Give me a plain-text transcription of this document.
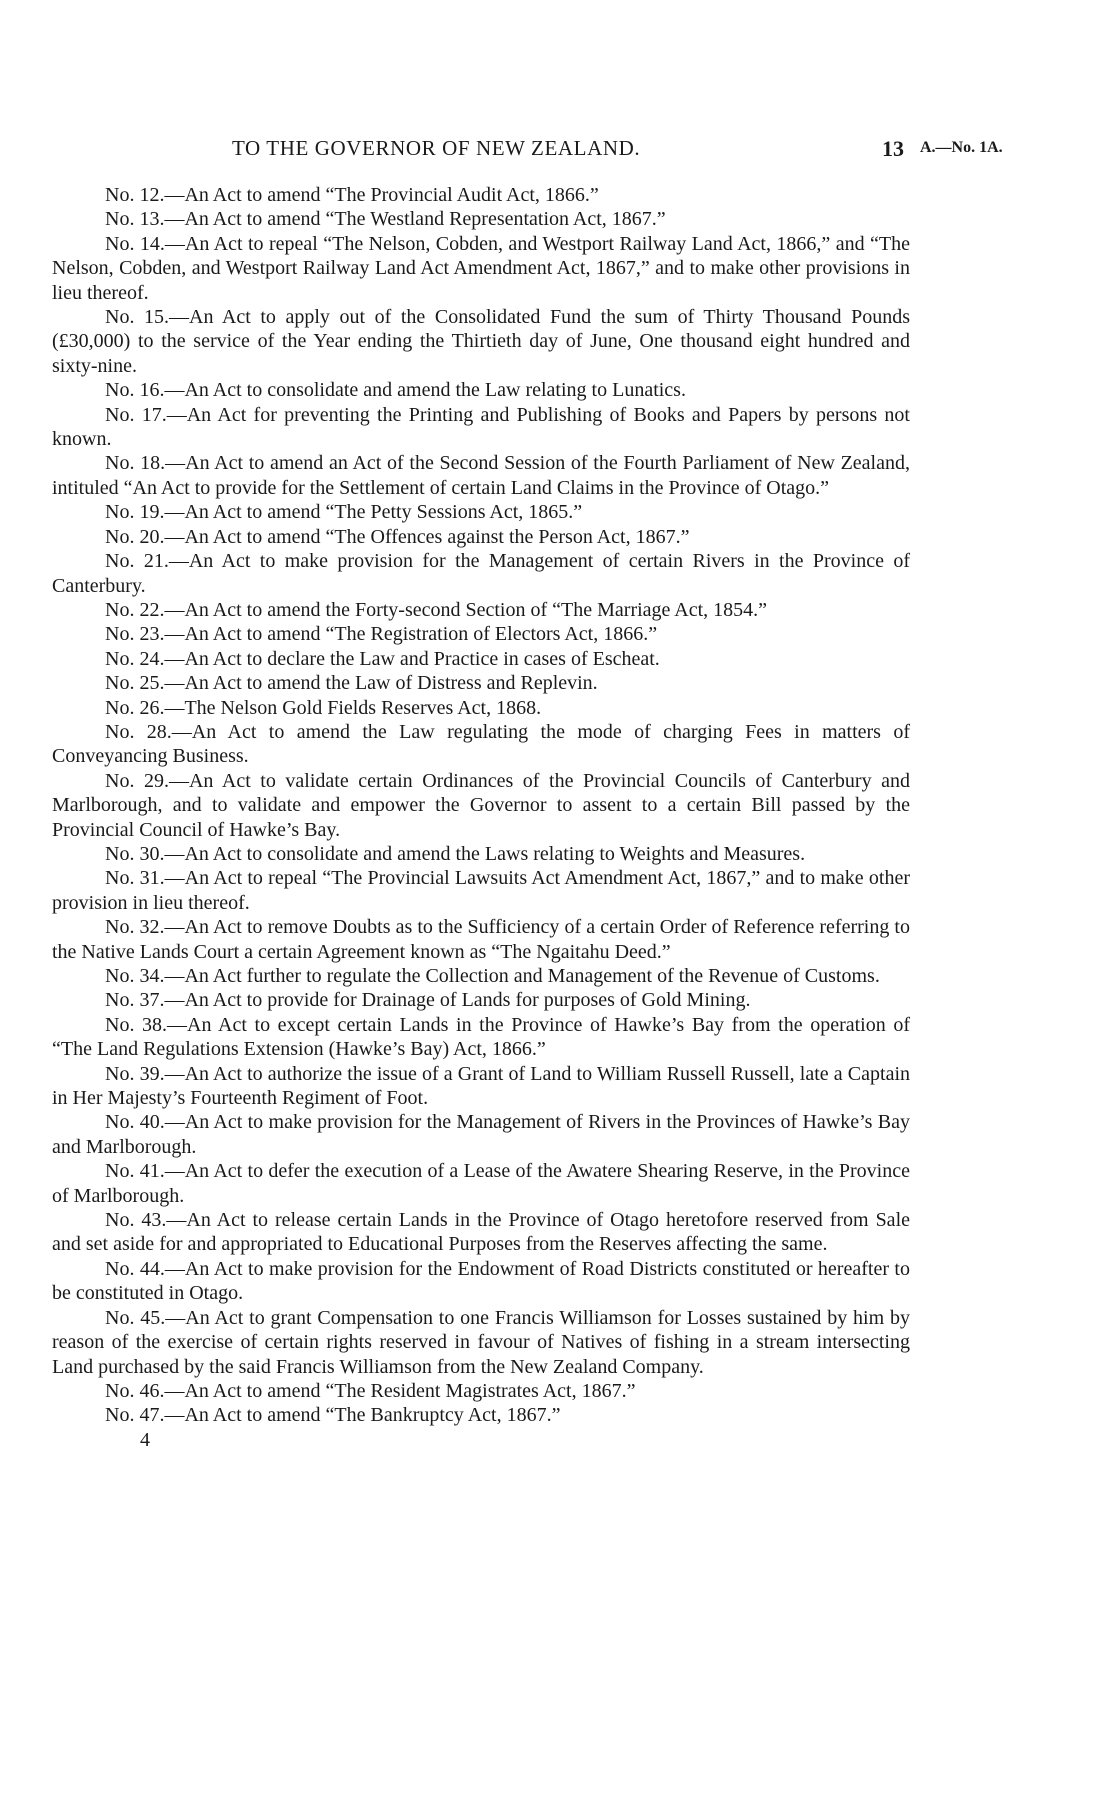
TO THE GOVERNOR OF NEW ZEALAND.	13 A.—No. 1A.

No. 12.—An Act to amend “The Provincial Audit Act, 1866.”

No. 13.—An Act to amend “The Westland Representation Act, 1867.”

No. 14.—An Act to repeal “The Nelson, Cobden, and Westport Railway Land Act, 1866,” and “The Nelson, Cobden, and Westport Railway Land Act Amendment Act, 1867,” and to make other provisions in lieu thereof.

No. 15.—An Act to apply out of the Consolidated Fund the sum of Thirty Thousand Pounds (£30,000) to the service of the Year ending the Thirtieth day of June, One thousand eight hundred and sixty-nine.

No. 16.—An Act to consolidate and amend the Law relating to Lunatics.

No. 17.—An Act for preventing the Printing and Publishing of Books and Papers by persons not known.

No. 18.—An Act to amend an Act of the Second Session of the Fourth Parliament of New Zealand, intituled “An Act to provide for the Settlement of certain Land Claims in the Province of Otago.”

No. 19.—An Act to amend “The Petty Sessions Act, 1865.”

No. 20.—An Act to amend “The Offences against the Person Act, 1867.”

No. 21.—An Act to make provision for the Management of certain Rivers in the Province of Canterbury.

No. 22.—An Act to amend the Forty-second Section of “The Marriage Act, 1854.”

No. 23.—An Act to amend “The Registration of Electors Act, 1866.”

No. 24.—An Act to declare the Law and Practice in cases of Escheat.

No. 25.—An Act to amend the Law of Distress and Replevin.

No. 26.—The Nelson Gold Fields Reserves Act, 1868.

No. 28.—An Act to amend the Law regulating the mode of charging Fees in matters of Conveyancing Business.

No. 29.—An Act to validate certain Ordinances of the Provincial Councils of Canterbury and Marlborough, and to validate and empower the Governor to assent to a certain Bill passed by the Provincial Council of Hawke’s Bay.

No. 30.—An Act to consolidate and amend the Laws relating to Weights and Measures.

No. 31.—An Act to repeal “The Provincial Lawsuits Act Amendment Act, 1867,” and to make other provision in lieu thereof.

No. 32.—An Act to remove Doubts as to the Sufficiency of a certain Order of Reference referring to the Native Lands Court a certain Agreement known as “The Ngaitahu Deed.”

No. 34.—An Act further to regulate the Collection and Management of the Revenue of Customs.

No. 37.—An Act to provide for Drainage of Lands for purposes of Gold Mining.

No. 38.—An Act to except certain Lands in the Province of Hawke’s Bay from the operation of “The Land Regulations Extension (Hawke’s Bay) Act, 1866.”

No. 39.—An Act to authorize the issue of a Grant of Land to William Russell Russell, late a Captain in Her Majesty’s Fourteenth Regiment of Foot.

No. 40.—An Act to make provision for the Management of Rivers in the Provinces of Hawke’s Bay and Marlborough.

No. 41.—An Act to defer the execution of a Lease of the Awatere Shearing Reserve, in the Province of Marlborough.

No. 43.—An Act to release certain Lands in the Province of Otago heretofore reserved from Sale and set aside for and appropriated to Educational Purposes from the Reserves affecting the same.

No. 44.—An Act to make provision for the Endowment of Road Districts constituted or hereafter to be constituted in Otago.

No. 45.—An Act to grant Compensation to one Francis Williamson for Losses sustained by him by reason of the exercise of certain rights reserved in favour of Natives of fishing in a stream intersecting Land purchased by the said Francis Williamson from the New Zealand Company.

No. 46.—An Act to amend “The Resident Magistrates Act, 1867.”

No. 47.—An Act to amend “The Bankruptcy Act, 1867.”

4
